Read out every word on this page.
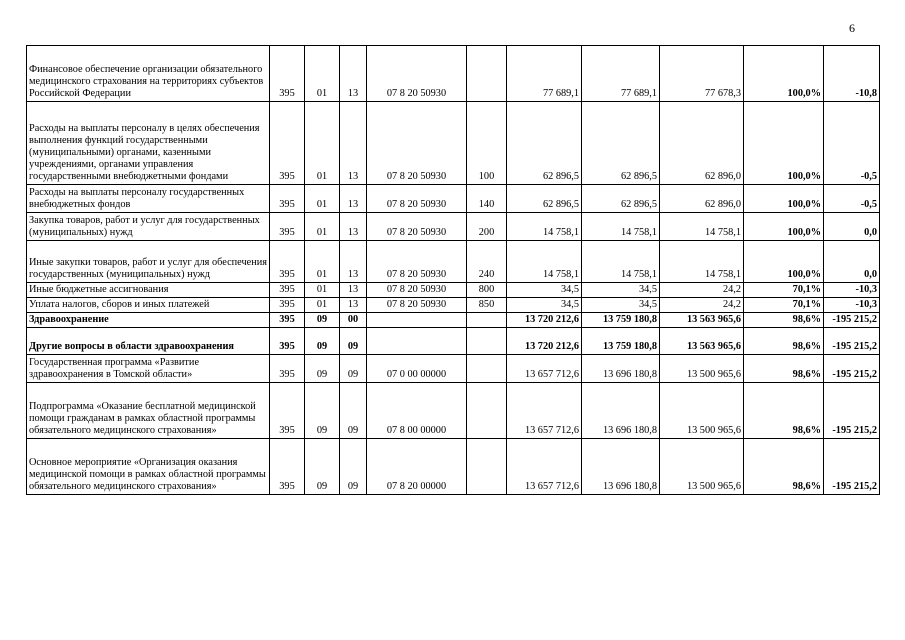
6
Финансовое обеспечение организации обязательного медицинского страхования на территориях субъектов Российской Федерации	395	01	13	07 8 20 50930		77 689,1	77 689,1	77 678,3	100,0%	-10,8
Расходы на выплаты персоналу в целях обеспечения выполнения функций государственными (муниципальными) органами, казенными учреждениями, органами управления государственными внебюджетными фондами	395	01	13	07 8 20 50930	100	62 896,5	62 896,5	62 896,0	100,0%	-0,5
Расходы на выплаты персоналу государственных внебюджетных фондов	395	01	13	07 8 20 50930	140	62 896,5	62 896,5	62 896,0	100,0%	-0,5
Закупка товаров, работ и услуг для государственных (муниципальных) нужд	395	01	13	07 8 20 50930	200	14 758,1	14 758,1	14 758,1	100,0%	0,0
Иные закупки товаров, работ и услуг для обеспечения государственных (муниципальных) нужд	395	01	13	07 8 20 50930	240	14 758,1	14 758,1	14 758,1	100,0%	0,0
Иные бюджетные ассигнования	395	01	13	07 8 20 50930	800	34,5	34,5	24,2	70,1%	-10,3
Уплата налогов, сборов и иных платежей	395	01	13	07 8 20 50930	850	34,5	34,5	24,2	70,1%	-10,3
Здравоохранение	395	09	00			13 720 212,6	13 759 180,8	13 563 965,6	98,6%	-195 215,2
Другие вопросы в области здравоохранения	395	09	09			13 720 212,6	13 759 180,8	13 563 965,6	98,6%	-195 215,2
Государственная программа «Развитие здравоохранения в Томской области»	395	09	09	07 0 00 00000		13 657 712,6	13 696 180,8	13 500 965,6	98,6%	-195 215,2
Подпрограмма «Оказание бесплатной медицинской помощи гражданам в рамках областной программы обязательного медицинского страхования»	395	09	09	07 8 00 00000		13 657 712,6	13 696 180,8	13 500 965,6	98,6%	-195 215,2
Основное мероприятие «Организация оказания медицинской помощи в рамках областной программы обязательного медицинского страхования»	395	09	09	07 8 20 00000		13 657 712,6	13 696 180,8	13 500 965,6	98,6%	-195 215,2
